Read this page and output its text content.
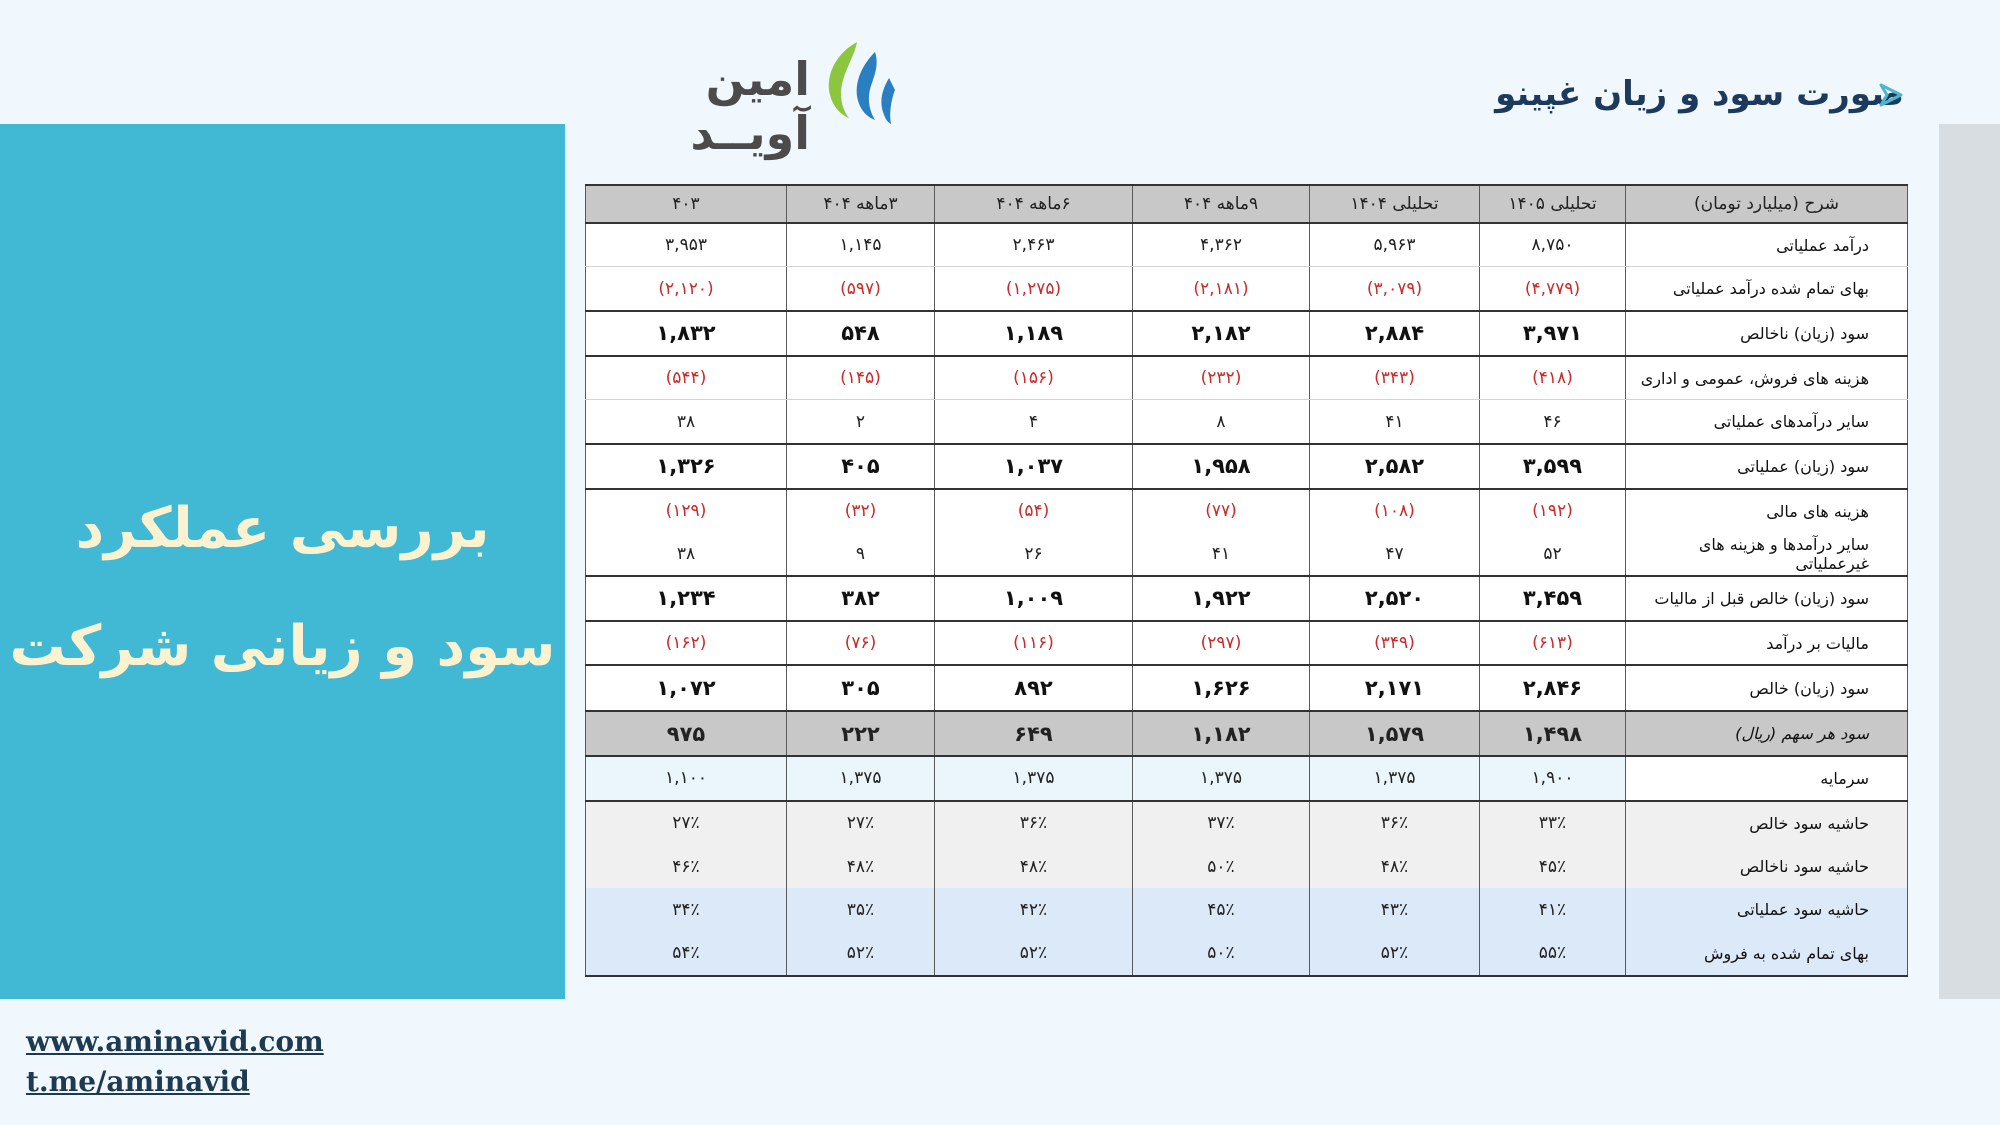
بررسی عملکرد
سود و زیانی شرکت
www.aminavid.com
t.me/aminavid
امین آویــد
صورت سود و زیان غپینو
شرح (میلیارد تومان)	تحلیلی ۱۴۰۵	تحلیلی ۱۴۰۴	۹ماهه ۴۰۴	۶ماهه ۴۰۴	۳ماهه ۴۰۴	۴۰۳
درآمد عملیاتی	۸,۷۵۰	۵,۹۶۳	۴,۳۶۲	۲,۴۶۳	۱,۱۴۵	۳,۹۵۳
بهای تمام شده درآمد عملیاتی	(۴,۷۷۹)	(۳,۰۷۹)	(۲,۱۸۱)	(۱,۲۷۵)	(۵۹۷)	(۲,۱۲۰)
سود (زیان) ناخالص	۳,۹۷۱	۲,۸۸۴	۲,۱۸۲	۱,۱۸۹	۵۴۸	۱,۸۳۲
هزینه های فروش، عمومی و اداری	(۴۱۸)	(۳۴۳)	(۲۳۲)	(۱۵۶)	(۱۴۵)	(۵۴۴)
سایر درآمدهای عملیاتی	۴۶	۴۱	۸	۴	۲	۳۸
سود (زیان) عملیاتی	۳,۵۹۹	۲,۵۸۲	۱,۹۵۸	۱,۰۳۷	۴۰۵	۱,۳۲۶
هزینه های مالی	(۱۹۲)	(۱۰۸)	(۷۷)	(۵۴)	(۳۲)	(۱۲۹)
سایر درآمدها و هزینه های غیرعملیاتی	۵۲	۴۷	۴۱	۲۶	۹	۳۸
سود (زیان) خالص قبل از مالیات	۳,۴۵۹	۲,۵۲۰	۱,۹۲۲	۱,۰۰۹	۳۸۲	۱,۲۳۴
مالیات بر درآمد	(۶۱۳)	(۳۴۹)	(۲۹۷)	(۱۱۶)	(۷۶)	(۱۶۲)
سود (زیان) خالص	۲,۸۴۶	۲,۱۷۱	۱,۶۲۶	۸۹۲	۳۰۵	۱,۰۷۲
سود هر سهم (ریال)	۱,۴۹۸	۱,۵۷۹	۱,۱۸۲	۶۴۹	۲۲۲	۹۷۵
سرمایه	۱,۹۰۰	۱,۳۷۵	۱,۳۷۵	۱,۳۷۵	۱,۳۷۵	۱,۱۰۰
حاشیه سود خالص	۳۳٪	۳۶٪	۳۷٪	۳۶٪	۲۷٪	۲۷٪
حاشیه سود ناخالص	۴۵٪	۴۸٪	۵۰٪	۴۸٪	۴۸٪	۴۶٪
حاشیه سود عملیاتی	۴۱٪	۴۳٪	۴۵٪	۴۲٪	۳۵٪	۳۴٪
بهای تمام شده به فروش	۵۵٪	۵۲٪	۵۰٪	۵۲٪	۵۲٪	۵۴٪
